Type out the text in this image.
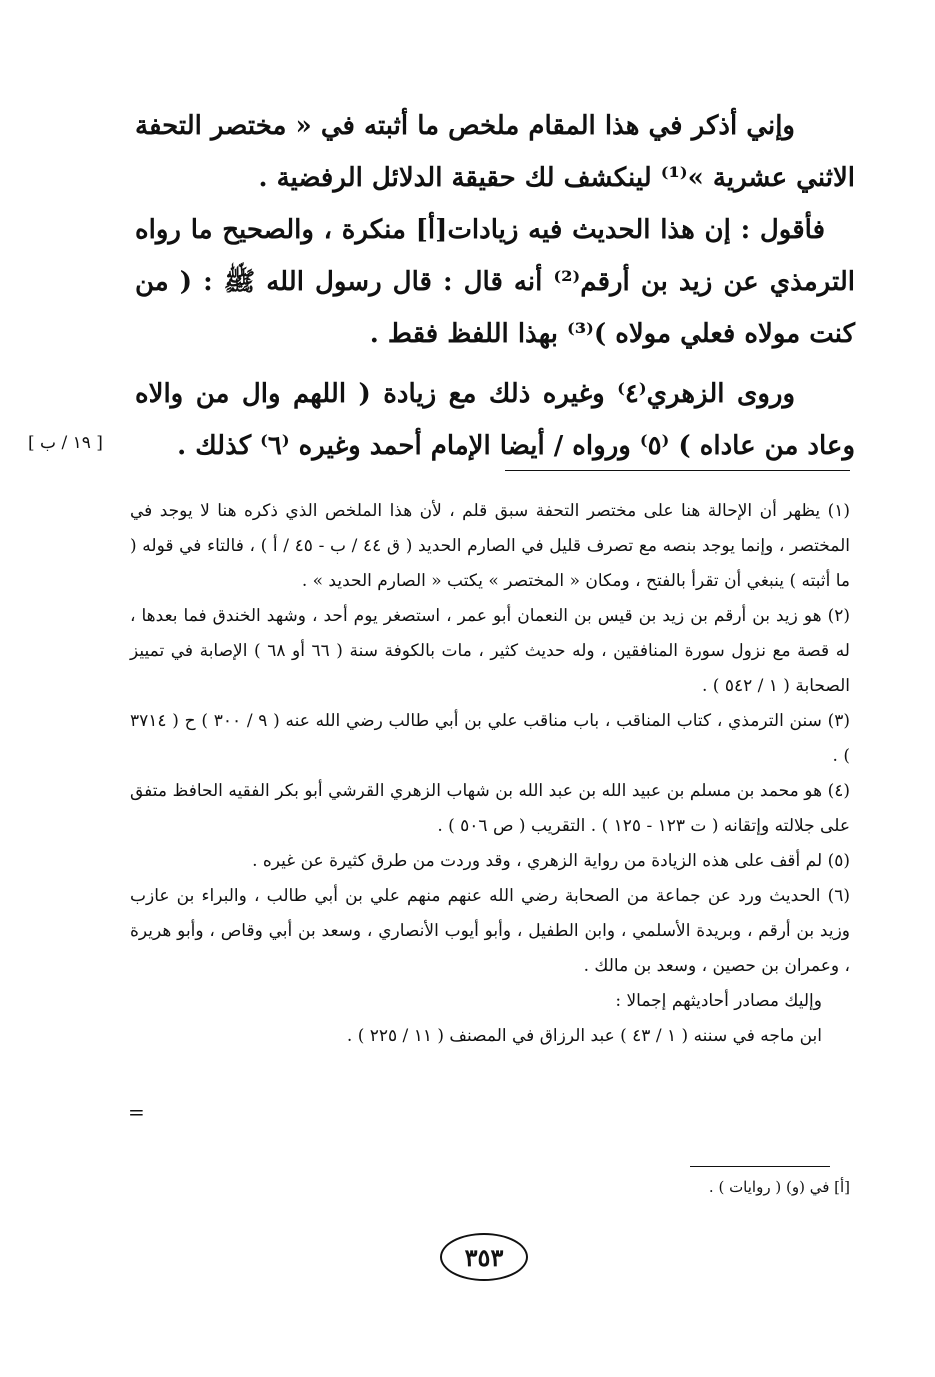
وإني أذكر في هذا المقام ملخص ما أثبته في « مختصر التحفة الاثني عشرية »⁽¹⁾ لينكشف لك حقيقة الدلائل الرفضية .

فأقول : إن هذا الحديث فيه زيادات[أ] منكرة ، والصحيح ما رواه الترمذي عن زيد بن أرقم⁽²⁾ أنه قال : قال رسول الله ﷺ : ( من كنت مولاه فعلي مولاه )⁽³⁾ بهذا اللفظ فقط .

وروى الزهري⁽٤⁾ وغيره ذلك مع زيادة ( اللهم وال من والاه وعاد من عاداه ) ⁽٥⁾ ورواه / أيضا الإمام أحمد وغيره ⁽٦⁾ كذلك .

[ ١٩ / ب ]

(١) يظهر أن الإحالة هنا على مختصر التحفة سبق قلم ، لأن هذا الملخص الذي ذكره هنا لا يوجد في المختصر ، وإنما يوجد بنصه مع تصرف قليل في الصارم الحديد ( ق ٤٤ / ب - ٤٥ / أ ) ، فالتاء في قوله ( ما أثبته ) ينبغي أن تقرأ بالفتح ، ومكان « المختصر » يكتب « الصارم الحديد » .

(٢) هو زيد بن أرقم بن زيد بن قيس بن النعمان أبو عمر ، استصغر يوم أحد ، وشهد الخندق فما بعدها ، له قصة مع نزول سورة المنافقين ، وله حديث كثير ، مات بالكوفة سنة ( ٦٦ أو ٦٨ ) الإصابة في تمييز الصحابة ( ١ / ٥٤٢ ) .

(٣) سنن الترمذي ، كتاب المناقب ، باب مناقب علي بن أبي طالب رضي الله عنه ( ٩ / ٣٠٠ ) ح ( ٣٧١٤ ) .

(٤) هو محمد بن مسلم بن عبيد الله بن عبد الله بن شهاب الزهري القرشي أبو بكر الفقيه الحافظ متفق على جلالته وإتقانه ( ت ١٢٣ - ١٢٥ ) . التقريب ( ص ٥٠٦ ) .

(٥) لم أقف على هذه الزيادة من رواية الزهري ، وقد وردت من طرق كثيرة عن غيره .

(٦) الحديث ورد عن جماعة من الصحابة رضي الله عنهم منهم علي بن أبي طالب ، والبراء بن عازب وزيد بن أرقم ، وبريدة الأسلمي ، وابن الطفيل ، وأبو أيوب الأنصاري ، وسعد بن أبي وقاص ، وأبو هريرة ، وعمران بن حصين ، وسعد بن مالك .

وإليك مصادر أحاديثهم إجمالا :

ابن ماجه في سننه ( ١ / ٤٣ ) عبد الرزاق في المصنف ( ١١ / ٢٢٥ ) .

=
[أ] في (و) ( روايات ) .
٣٥٣
